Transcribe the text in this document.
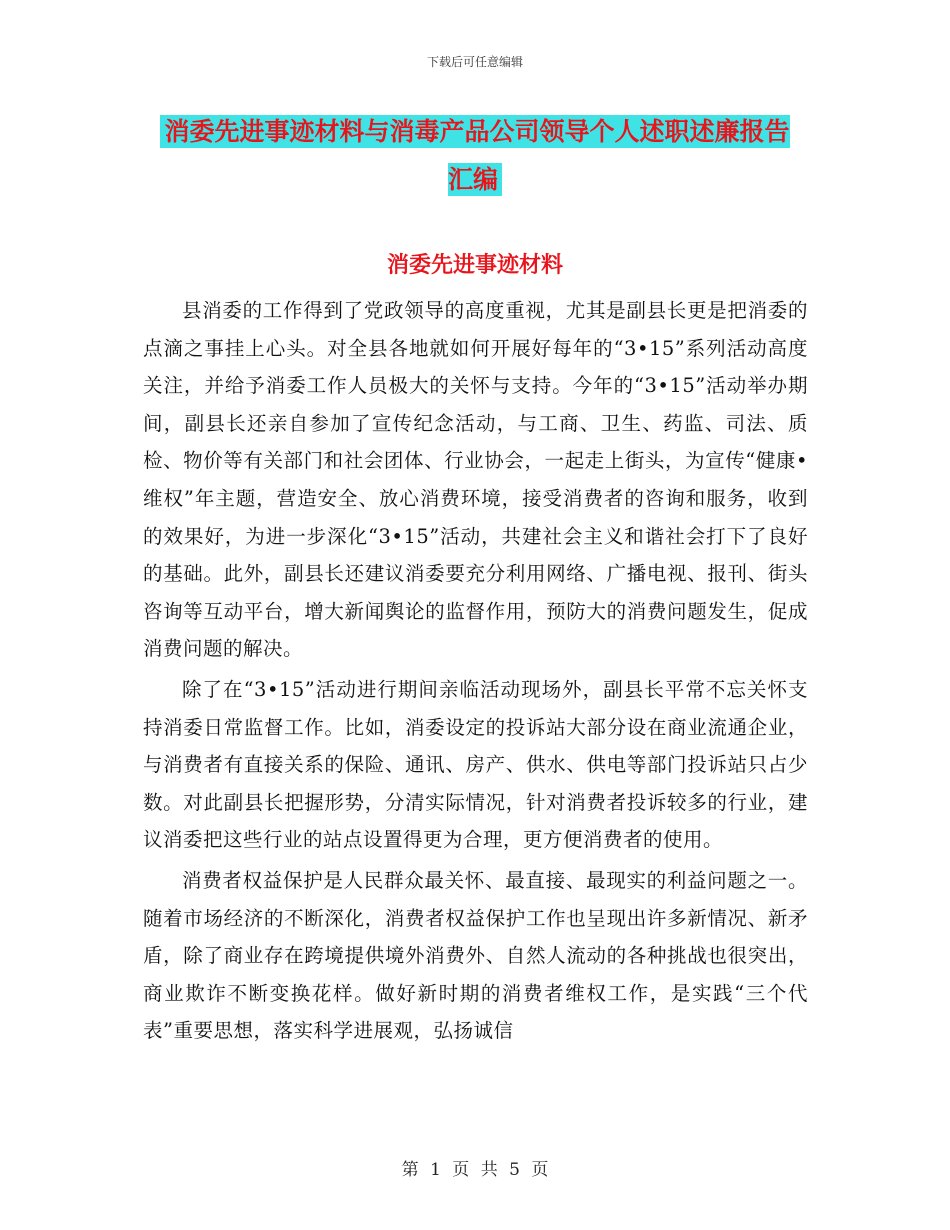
下载后可任意编辑
消委先进事迹材料与消毒产品公司领导个人述职述廉报告汇编
消委先进事迹材料

县消委的工作得到了党政领导的高度重视，尤其是副县长更是把消委的点滴之事挂上心头。对全县各地就如何开展好每年的“3•15”系列活动高度关注，并给予消委工作人员极大的关怀与支持。今年的“3•15”活动举办期间，副县长还亲自参加了宣传纪念活动，与工商、卫生、药监、司法、质检、物价等有关部门和社会团体、行业协会，一起走上街头，为宣传“健康•维权”年主题，营造安全、放心消费环境，接受消费者的咨询和服务，收到的效果好，为进一步深化“3•15”活动，共建社会主义和谐社会打下了良好的基础。此外，副县长还建议消委要充分利用网络、广播电视、报刊、街头咨询等互动平台，增大新闻舆论的监督作用，预防大的消费问题发生，促成消费问题的解决。

除了在“3•15”活动进行期间亲临活动现场外，副县长平常不忘关怀支持消委日常监督工作。比如，消委设定的投诉站大部分设在商业流通企业，与消费者有直接关系的保险、通讯、房产、供水、供电等部门投诉站只占少数。对此副县长把握形势，分清实际情况，针对消费者投诉较多的行业，建议消委把这些行业的站点设置得更为合理，更方便消费者的使用。

消费者权益保护是人民群众最关怀、最直接、最现实的利益问题之一。随着市场经济的不断深化，消费者权益保护工作也呈现出许多新情况、新矛盾，除了商业存在跨境提供境外消费外、自然人流动的各种挑战也很突出，商业欺诈不断变换花样。做好新时期的消费者维权工作，是实践“三个代表”重要思想，落实科学进展观，弘扬诚信

第 1 页 共 5 页
